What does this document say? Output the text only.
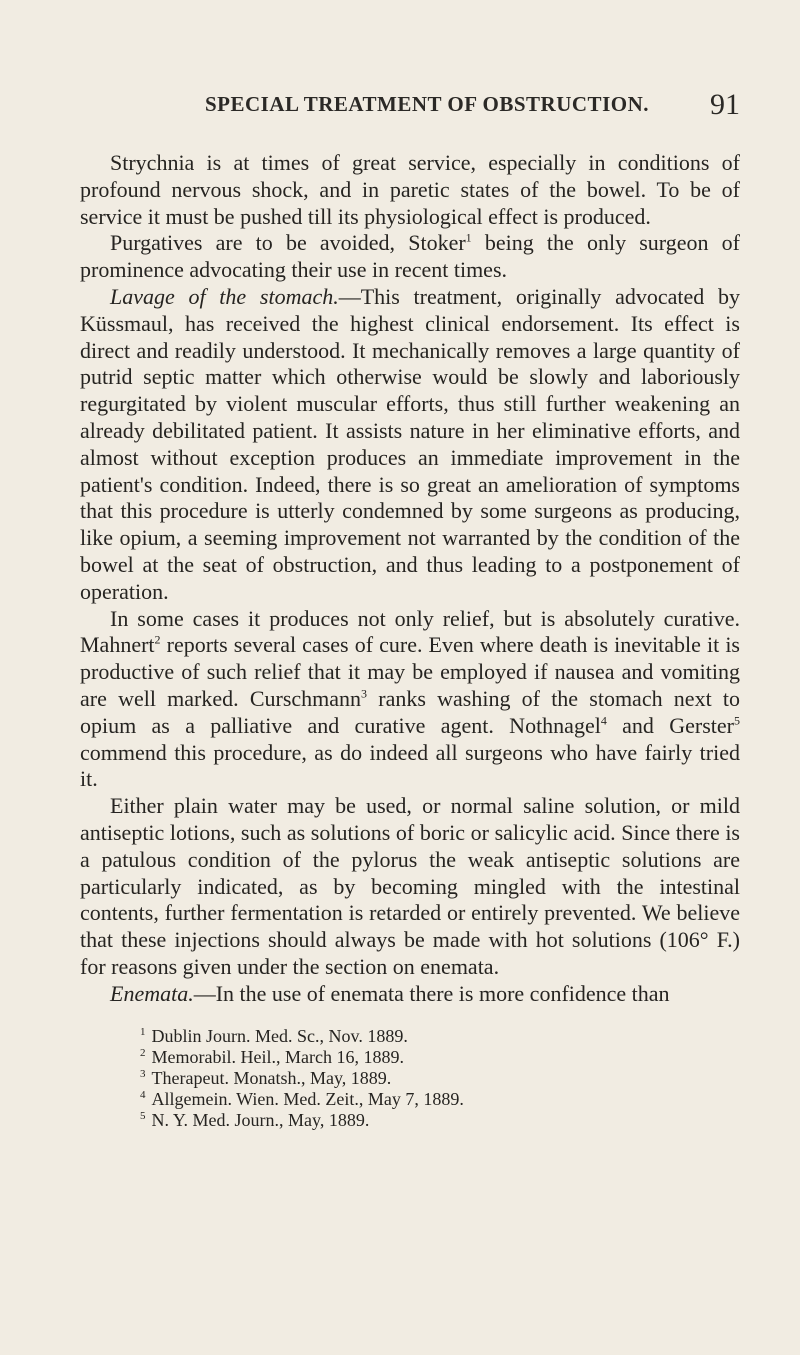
SPECIAL TREATMENT OF OBSTRUCTION. 91

Strychnia is at times of great service, especially in conditions of profound nervous shock, and in paretic states of the bowel. To be of service it must be pushed till its physiological effect is produced.

Purgatives are to be avoided, Stoker$^1$ being the only surgeon of prominence advocating their use in recent times.

Lavage of the stomach.—This treatment, originally advocated by Küssmaul, has received the highest clinical endorsement. Its effect is direct and readily understood. It mechanically removes a large quantity of putrid septic matter which otherwise would be slowly and laboriously regurgitated by violent muscular efforts, thus still further weakening an already debilitated patient. It assists nature in her eliminative efforts, and almost without exception produces an immediate improvement in the patient's condition. Indeed, there is so great an amelioration of symptoms that this procedure is utterly condemned by some surgeons as producing, like opium, a seeming improvement not warranted by the condition of the bowel at the seat of obstruction, and thus leading to a postponement of operation.

In some cases it produces not only relief, but is absolutely curative. Mahnert$^2$ reports several cases of cure. Even where death is inevitable it is productive of such relief that it may be employed if nausea and vomiting are well marked. Curschmann$^3$ ranks washing of the stomach next to opium as a palliative and curative agent. Nothnagel$^4$ and Gerster$^5$ commend this procedure, as do indeed all surgeons who have fairly tried it.

Either plain water may be used, or normal saline solution, or mild antiseptic lotions, such as solutions of boric or salicylic acid. Since there is a patulous condition of the pylorus the weak antiseptic solutions are particularly indicated, as by becoming mingled with the intestinal contents, further fermentation is retarded or entirely prevented. We believe that these injections should always be made with hot solutions (106° F.) for reasons given under the section on enemata.

Enemata.—In the use of enemata there is more confidence than

$^1$ Dublin Journ. Med. Sc., Nov. 1889.
$^2$ Memorabil. Heil., March 16, 1889.
$^3$ Therapeut. Monatsh., May, 1889.
$^4$ Allgemein. Wien. Med. Zeit., May 7, 1889.
$^5$ N. Y. Med. Journ., May, 1889.
